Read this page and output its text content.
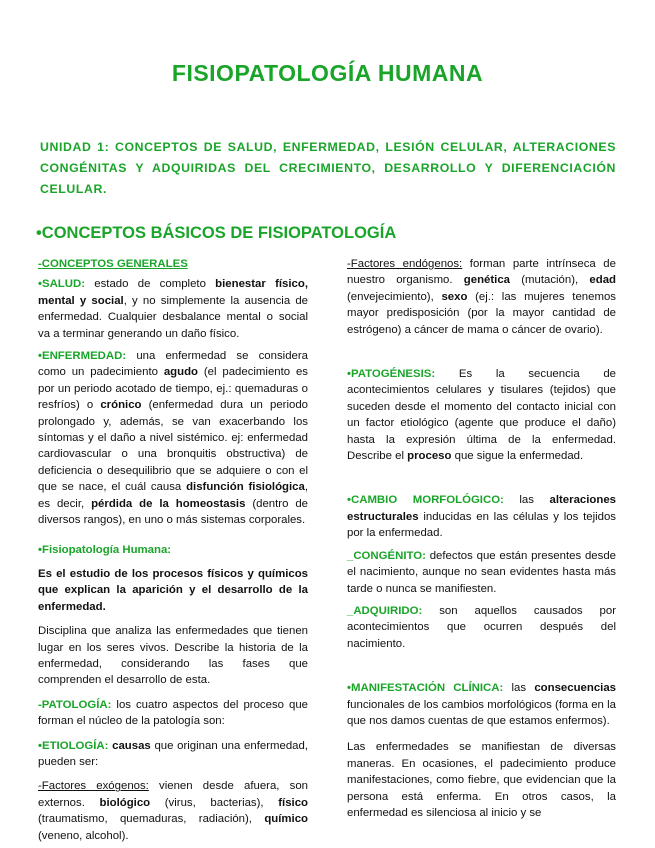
FISIOPATOLOGÍA HUMANA
UNIDAD 1: CONCEPTOS DE SALUD, ENFERMEDAD, LESIÓN CELULAR, ALTERACIONES CONGÉNITAS Y ADQUIRIDAS DEL CRECIMIENTO, DESARROLLO Y DIFERENCIACIÓN CELULAR.
•CONCEPTOS BÁSICOS DE FISIOPATOLOGÍA

-CONCEPTOS GENERALES

•SALUD: estado de completo bienestar físico, mental y social, y no simplemente la ausencia de enfermedad. Cualquier desbalance mental o social va a terminar generando un daño físico.

•ENFERMEDAD: una enfermedad se considera como un padecimiento agudo (el padecimiento es por un periodo acotado de tiempo, ej.: quemaduras o resfríos) o crónico (enfermedad dura un periodo prolongado y, además, se van exacerbando los síntomas y el daño a nivel sistémico. ej: enfermedad cardiovascular o una bronquitis obstructiva) de deficiencia o desequilibrio que se adquiere o con el que se nace, el cuál causa disfunción fisiológica, es decir, pérdida de la homeostasis (dentro de diversos rangos), en uno o más sistemas corporales.

•Fisiopatología Humana:

Es el estudio de los procesos físicos y químicos que explican la aparición y el desarrollo de la enfermedad.

Disciplina que analiza las enfermedades que tienen lugar en los seres vivos. Describe la historia de la enfermedad, considerando las fases que comprenden el desarrollo de esta.

-PATOLOGÍA: los cuatro aspectos del proceso que forman el núcleo de la patología son:

•ETIOLOGÍA: causas que originan una enfermedad, pueden ser:

-Factores exógenos: vienen desde afuera, son externos. biológico (virus, bacterias), físico (traumatismo, quemaduras, radiación), químico (veneno, alcohol).

-Factores endógenos: forman parte intrínseca de nuestro organismo. genética (mutación), edad (envejecimiento), sexo (ej.: las mujeres tenemos mayor predisposición (por la mayor cantidad de estrógeno) a cáncer de mama o cáncer de ovario).

•PATOGÉNESIS: Es la secuencia de acontecimientos celulares y tisulares (tejidos) que suceden desde el momento del contacto inicial con un factor etiológico (agente que produce el daño) hasta la expresión última de la enfermedad. Describe el proceso que sigue la enfermedad.

•CAMBIO MORFOLÓGICO: las alteraciones estructurales inducidas en las células y los tejidos por la enfermedad.

_CONGÉNITO: defectos que están presentes desde el nacimiento, aunque no sean evidentes hasta más tarde o nunca se manifiesten.

_ADQUIRIDO: son aquellos causados por acontecimientos que ocurren después del nacimiento.

•MANIFESTACIÓN CLÍNICA: las consecuencias funcionales de los cambios morfológicos (forma en la que nos damos cuentas de que estamos enfermos).

Las enfermedades se manifiestan de diversas maneras. En ocasiones, el padecimiento produce manifestaciones, como fiebre, que evidencian que la persona está enferma. En otros casos, la enfermedad es silenciosa al inicio y se
